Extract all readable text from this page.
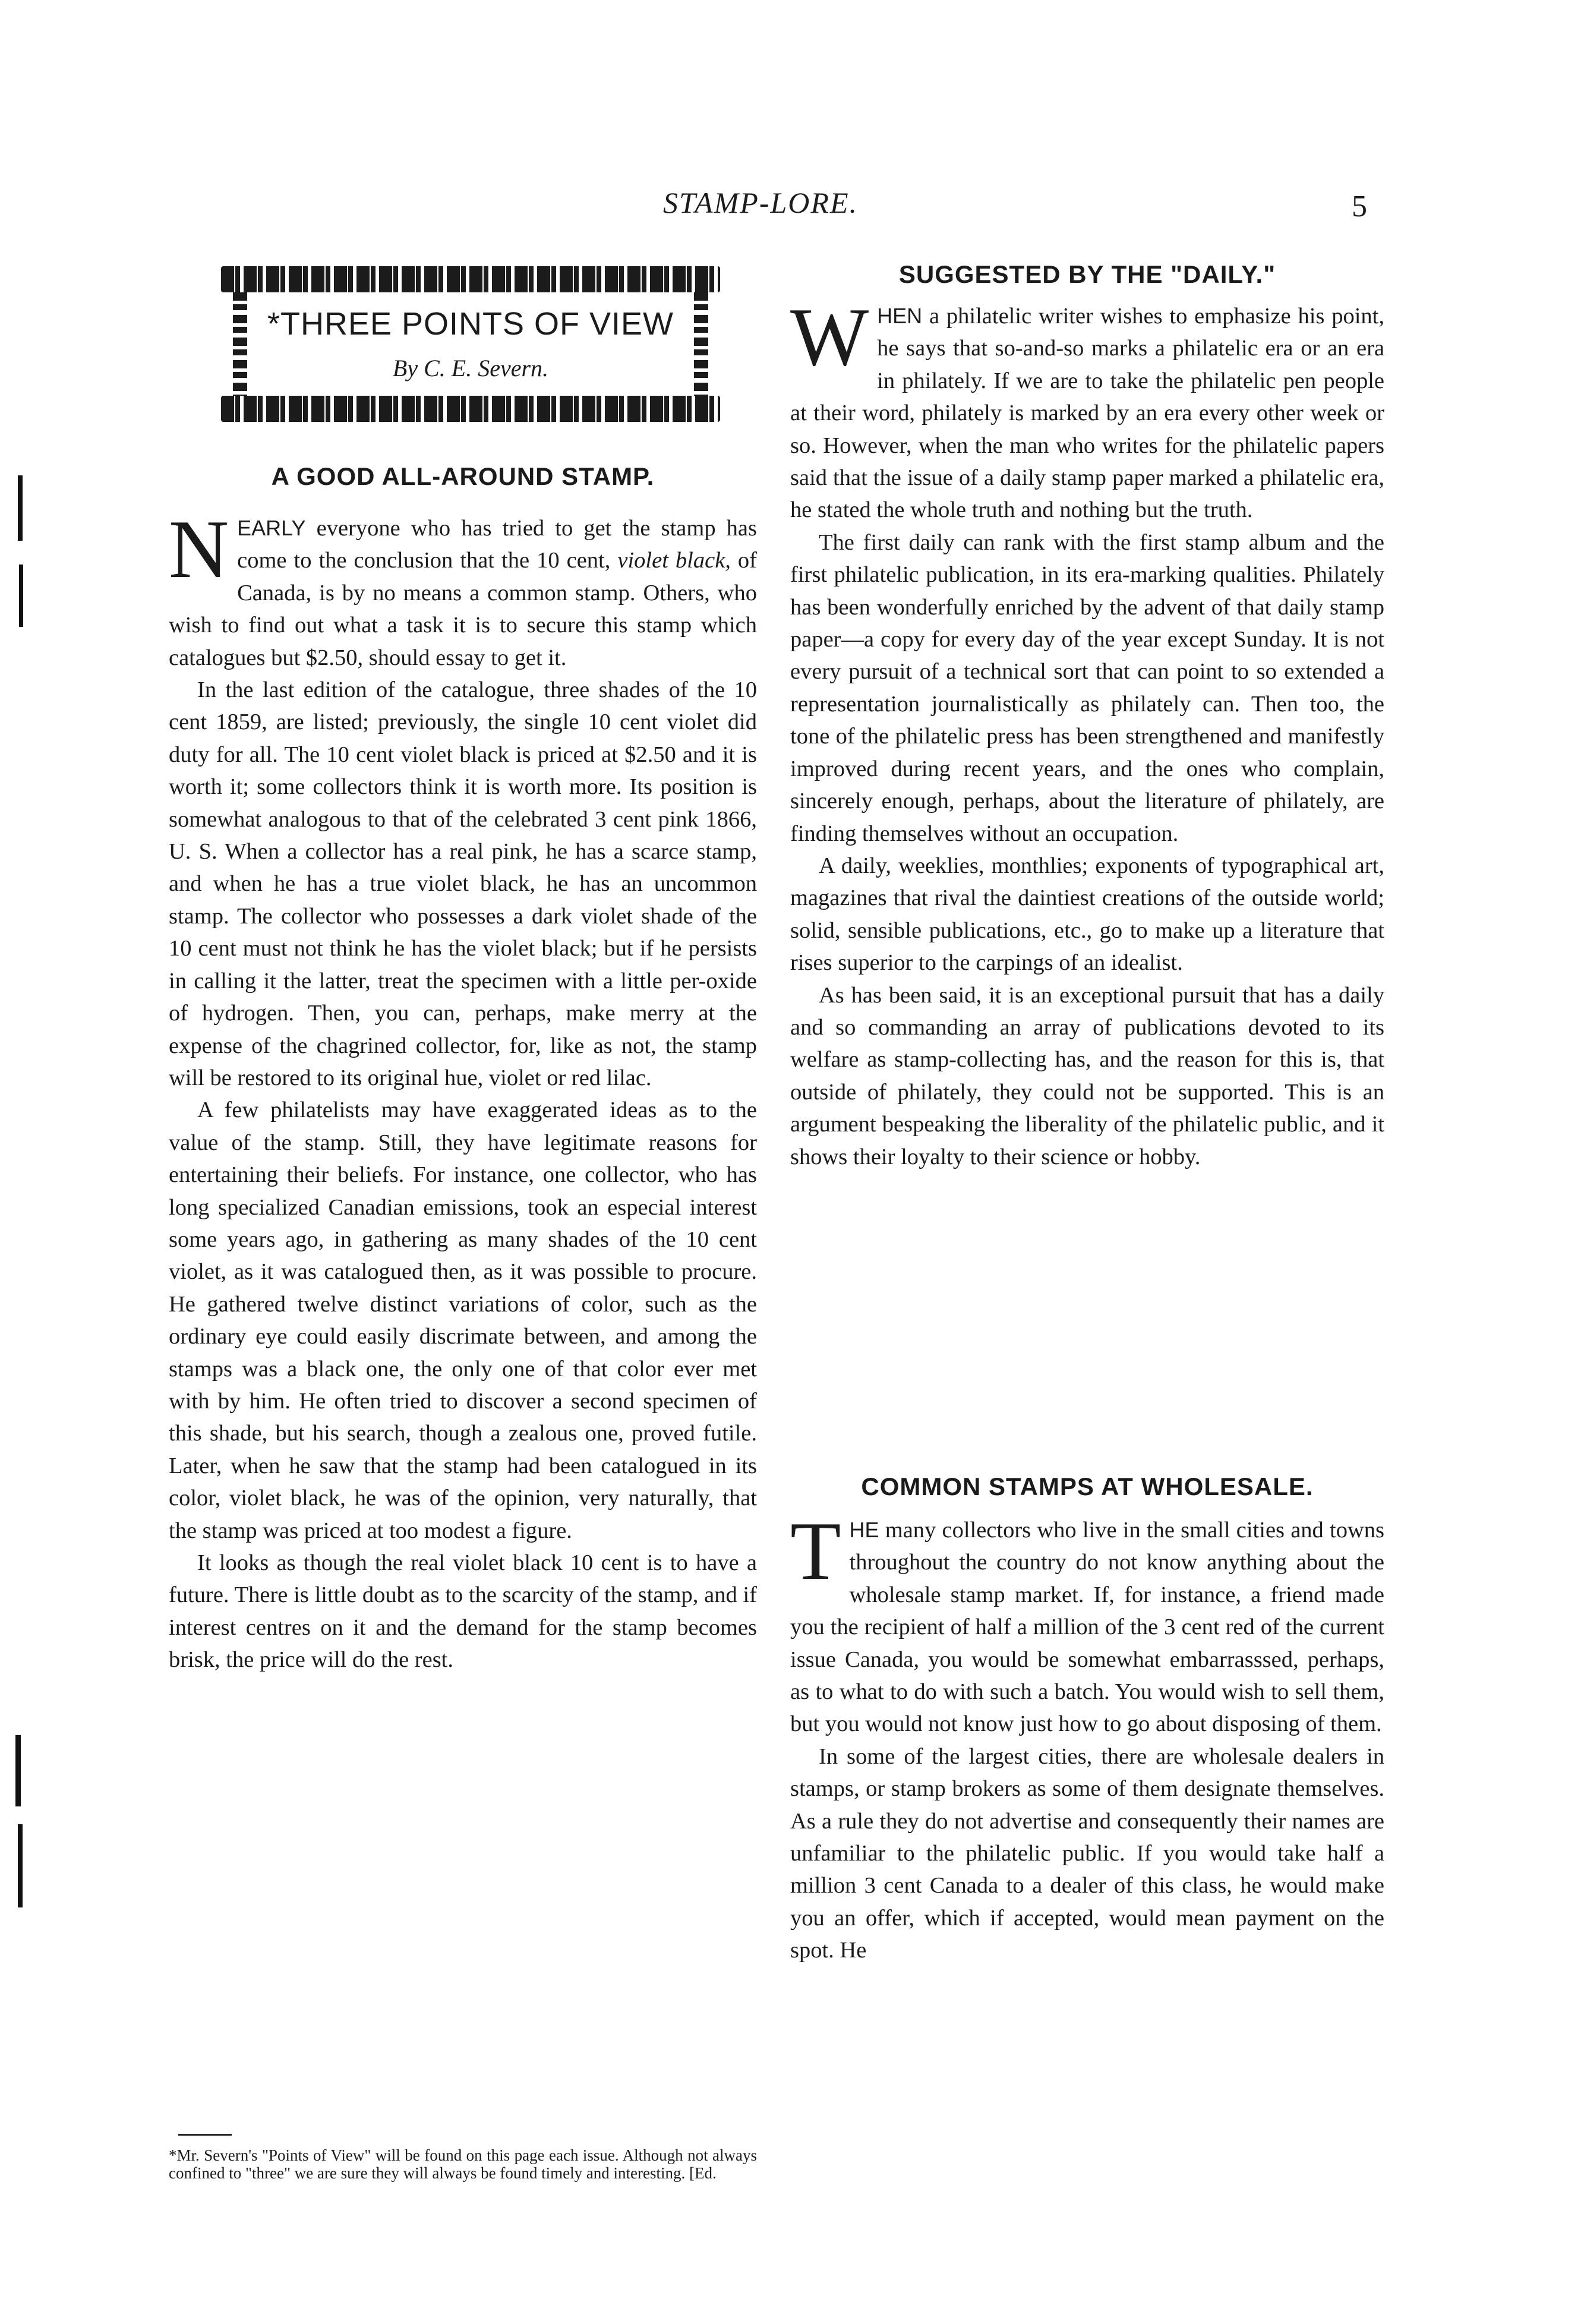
STAMP-LORE.	5
*THREE POINTS OF VIEW
By C. E. Severn.
A GOOD ALL-AROUND STAMP.

N EARLY everyone who has tried to get the stamp has come to the conclusion that the 10 cent, violet black, of Canada, is by no means a common stamp. Others, who wish to find out what a task it is to secure this stamp which catalogues but $2.50, should essay to get it.

In the last edition of the catalogue, three shades of the 10 cent 1859, are listed; previously, the single 10 cent violet did duty for all. The 10 cent violet black is priced at $2.50 and it is worth it; some collectors think it is worth more. Its position is somewhat analogous to that of the celebrated 3 cent pink 1866, U. S. When a collector has a real pink, he has a scarce stamp, and when he has a true violet black, he has an uncommon stamp. The collector who possesses a dark violet shade of the 10 cent must not think he has the violet black; but if he persists in calling it the latter, treat the specimen with a little per-oxide of hydrogen. Then, you can, perhaps, make merry at the expense of the chagrined collector, for, like as not, the stamp will be restored to its original hue, violet or red lilac.

A few philatelists may have exaggerated ideas as to the value of the stamp. Still, they have legitimate reasons for entertaining their beliefs. For instance, one collector, who has long specialized Canadian emissions, took an especial interest some years ago, in gathering as many shades of the 10 cent violet, as it was catalogued then, as it was possible to procure. He gathered twelve distinct variations of color, such as the ordinary eye could easily discrimate between, and among the stamps was a black one, the only one of that color ever met with by him. He often tried to discover a second specimen of this shade, but his search, though a zealous one, proved futile. Later, when he saw that the stamp had been catalogued in its color, violet black, he was of the opinion, very naturally, that the stamp was priced at too modest a figure.

It looks as though the real violet black 10 cent is to have a future. There is little doubt as to the scarcity of the stamp, and if interest centres on it and the demand for the stamp becomes brisk, the price will do the rest.

*Mr. Severn's "Points of View" will be found on this page each issue. Although not always confined to "three" we are sure they will always be found timely and interesting. [Ed.
SUGGESTED BY THE "DAILY."

W HEN a philatelic writer wishes to emphasize his point, he says that so-and-so marks a philatelic era or an era in philately. If we are to take the philatelic pen people at their word, philately is marked by an era every other week or so. However, when the man who writes for the philatelic papers said that the issue of a daily stamp paper marked a philatelic era, he stated the whole truth and nothing but the truth.

The first daily can rank with the first stamp album and the first philatelic publication, in its era-marking qualities. Philately has been wonderfully enriched by the advent of that daily stamp paper—a copy for every day of the year except Sunday. It is not every pursuit of a technical sort that can point to so extended a representation journalistically as philately can. Then too, the tone of the philatelic press has been strengthened and manifestly improved during recent years, and the ones who complain, sincerely enough, perhaps, about the literature of philately, are finding themselves without an occupation.

A daily, weeklies, monthlies; exponents of typographical art, magazines that rival the daintiest creations of the outside world; solid, sensible publications, etc., go to make up a literature that rises superior to the carpings of an idealist.

As has been said, it is an exceptional pursuit that has a daily and so commanding an array of publications devoted to its welfare as stamp-collecting has, and the reason for this is, that outside of philately, they could not be supported. This is an argument bespeaking the liberality of the philatelic public, and it shows their loyalty to their science or hobby.

COMMON STAMPS AT WHOLESALE.

T HE many collectors who live in the small cities and towns throughout the country do not know anything about the wholesale stamp market. If, for instance, a friend made you the recipient of half a million of the 3 cent red of the current issue Canada, you would be somewhat embarrasssed, perhaps, as to what to do with such a batch. You would wish to sell them, but you would not know just how to go about disposing of them.

In some of the largest cities, there are wholesale dealers in stamps, or stamp brokers as some of them designate themselves. As a rule they do not advertise and consequently their names are unfamiliar to the philatelic public. If you would take half a million 3 cent Canada to a dealer of this class, he would make you an offer, which if accepted, would mean payment on the spot. He
